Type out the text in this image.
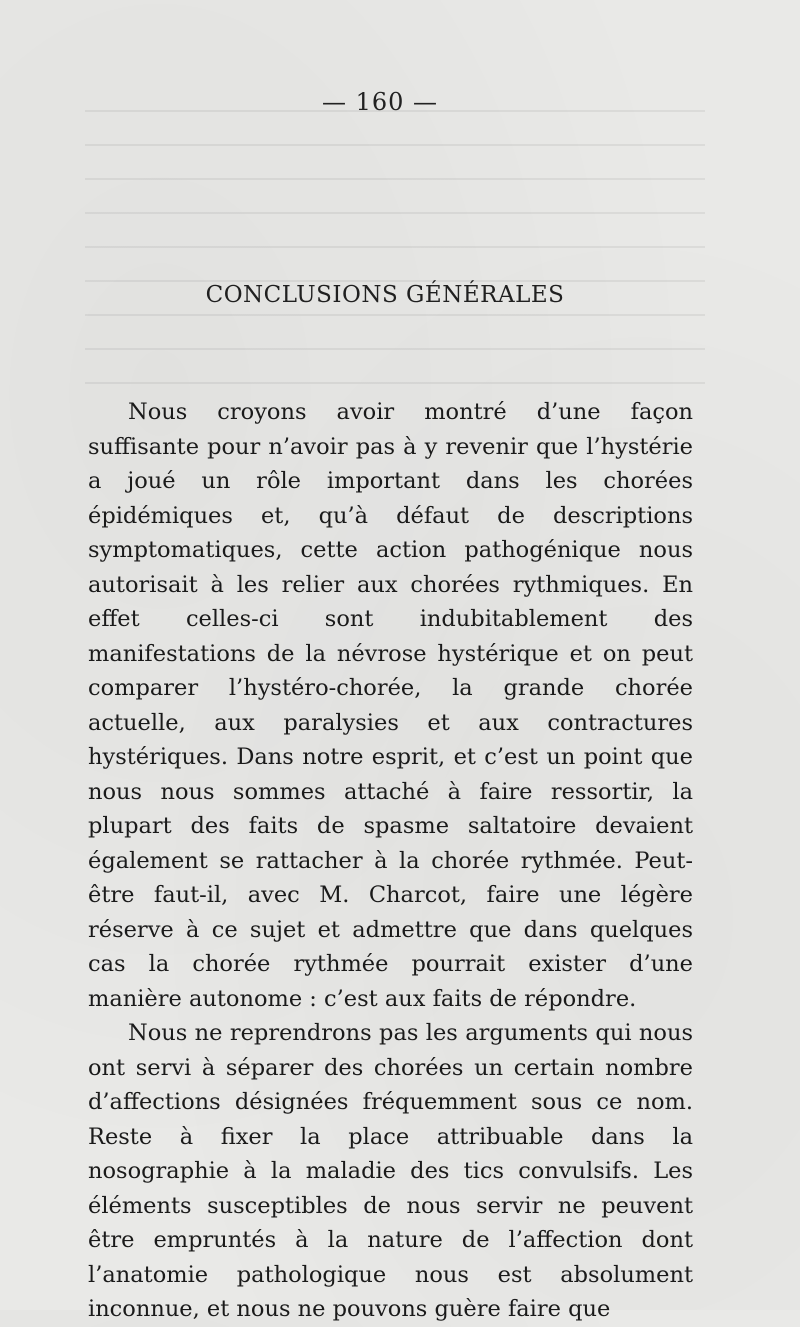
— 160 —
CONCLUSIONS GÉNÉRALES

Nous croyons avoir montré d’une façon suffisante pour n’avoir pas à y revenir que l’hystérie a joué un rôle important dans les chorées épidémiques et, qu’à défaut de descriptions symptomatiques, cette action pathogénique nous autorisait à les relier aux chorées rythmiques. En effet celles-ci sont indubitablement des manifestations de la névrose hystérique et on peut comparer l’hystéro-chorée, la grande chorée actuelle, aux paralysies et aux contractures hystériques. Dans notre esprit, et c’est un point que nous nous sommes attaché à faire ressortir, la plupart des faits de spasme saltatoire devaient également se rattacher à la chorée rythmée. Peut-être faut-il, avec M. Charcot, faire une légère réserve à ce sujet et admettre que dans quelques cas la chorée rythmée pourrait exister d’une manière autonome : c’est aux faits de répondre.

Nous ne reprendrons pas les arguments qui nous ont servi à séparer des chorées un certain nombre d’affections désignées fréquemment sous ce nom. Reste à fixer la place attribuable dans la nosographie à la maladie des tics convulsifs. Les éléments susceptibles de nous servir ne peuvent être empruntés à la nature de l’affection dont l’anatomie pathologique nous est absolument inconnue, et nous ne pouvons guère faire que
